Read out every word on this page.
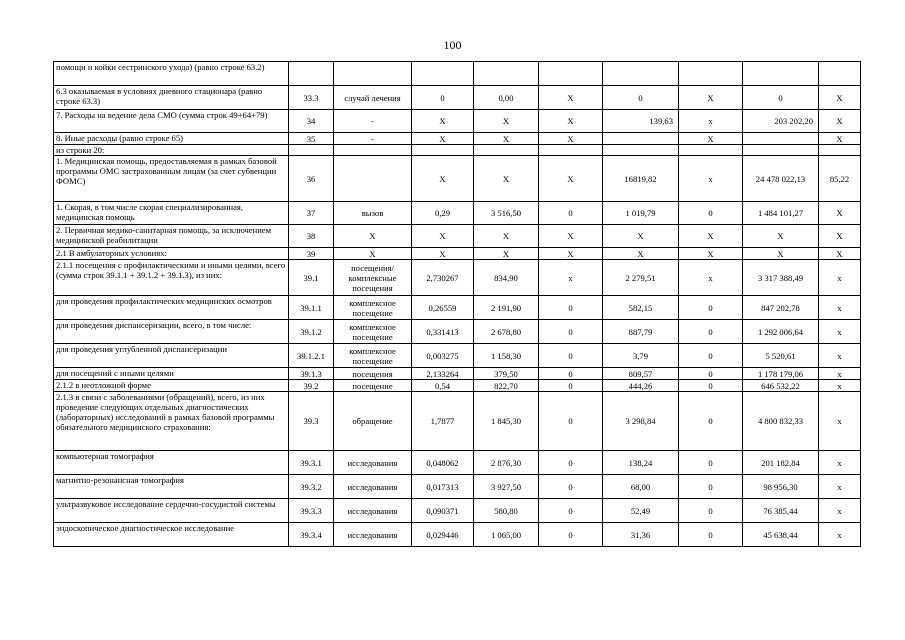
100
помощи и койки сестринского ухода) (равно строке 63.2)									
6.3 оказываемая в условиях дневного стационара (равно строке 63.3)	33.3	случай лечения	0	0,00	X	0	X	0	X
7. Расходы на ведение дела СМО (сумма строк 49+64+79)	34	-	X	X	X	139,63	x	203 202,20	X
8. Иные расходы (равно строке 65)	35	-	X	X	X		X		X
из строки 20:									
1. Медицинская помощь, предоставляемая в рамках базовой программы ОМС застрахованным лицам (за счет субвенции ФОМС)	36		X	X	X	16819,82	x	24 478 022,13	85,22
1. Скорая, в том числе скорая специализированная, медицинская помощь	37	вызов	0,29	3 516,50	0	1 019,79	0	1 484 101,27	X
2. Первичная медико-санитарная помощь, за исключением медицинской реабилитации	38	X	X	X	X	X	X	X	X
2.1 В амбулаторных условиях:	39	X	X	X	X	X	X	X	X
2.1.1 посещения с профилактическими и иными целями, всего (сумма строк 39.1.1 + 39.1.2 + 39.1.3), из них:	39.1	посещения/комплексные посещения	2,730267	834,90	x	2 279,51	x	3 317 388,49	x
для проведения профилактических медицинских осмотров	39.1.1	комплексное посещение	0,26559	2 191,90	0	582,15	0	847 202,78	x
для проведения диспансеризации, всего, в том числе:	39.1.2	комплексное посещение	0,331413	2 678,80	0	887,79	0	1 292 006,64	x
для проведения углубленной диспансеризации	39.1.2.1	комплексное посещение	0,003275	1 158,30	0	3,79	0	5 520,61	x
для посещений с иными целями	39.1.3	посещения	2,133264	379,50	0	809,57	0	1 178 179,06	x
2.1.2 в неотложной форме	39.2	посещение	0,54	822,70	0	444,26	0	646 532,22	x
2.1.3 в связи с заболеваниями (обращений), всего, из них проведение следующих отдельных диагностических (лабораторных) исследований в рамках базовой программы обязательного медицинского страхования:	39.3	обращение	1,7877	1 845,30	0	3 298,84	0	4 800 832,33	x
компьютерная томография	39.3.1	исследования	0,048062	2 876,30	0	138,24	0	201 182,84	x
магнитно-резонансная томография	39.3.2	исследования	0,017313	3 927,50	0	68,00	0	98 956,30	x
ультразвуковое исследование сердечно-сосудистой системы	39.3.3	исследования	0,090371	580,80	0	52,49	0	76 385,44	x
эндоскопическое диагностическое исследование	39.3.4	исследования	0,029446	1 065,00	0	31,36	0	45 638,44	x
